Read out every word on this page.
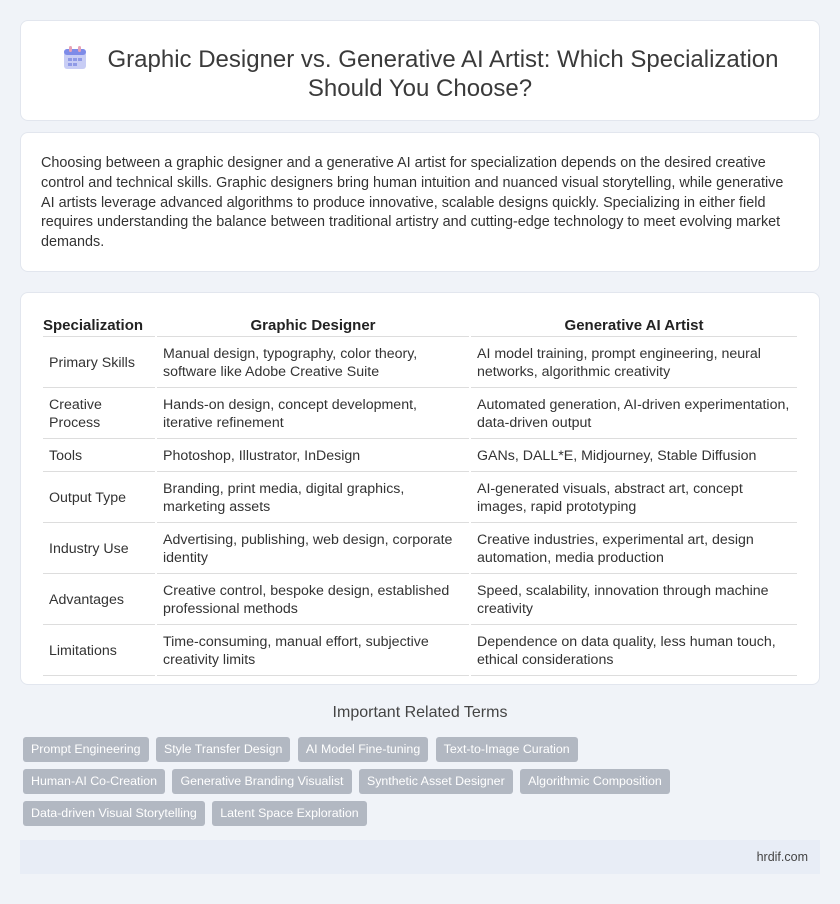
Graphic Designer vs. Generative AI Artist: Which Specialization Should You Choose?

Choosing between a graphic designer and a generative AI artist for specialization depends on the desired creative control and technical skills. Graphic designers bring human intuition and nuanced visual storytelling, while generative AI artists leverage advanced algorithms to produce innovative, scalable designs quickly. Specializing in either field requires understanding the balance between traditional artistry and cutting-edge technology to meet evolving market demands.

Specialization	Graphic Designer	Generative AI Artist
Primary Skills	Manual design, typography, color theory, software like Adobe Creative Suite	AI model training, prompt engineering, neural networks, algorithmic creativity
Creative Process	Hands-on design, concept development, iterative refinement	Automated generation, AI-driven experimentation, data-driven output
Tools	Photoshop, Illustrator, InDesign	GANs, DALL*E, Midjourney, Stable Diffusion
Output Type	Branding, print media, digital graphics, marketing assets	AI-generated visuals, abstract art, concept images, rapid prototyping
Industry Use	Advertising, publishing, web design, corporate identity	Creative industries, experimental art, design automation, media production
Advantages	Creative control, bespoke design, established professional methods	Speed, scalability, innovation through machine creativity
Limitations	Time-consuming, manual effort, subjective creativity limits	Dependence on data quality, less human touch, ethical considerations
Important Related Terms
Prompt Engineering Style Transfer Design AI Model Fine-tuning Text-to-Image Curation Human-AI Co-Creation Generative Branding Visualist Synthetic Asset Designer Algorithmic Composition Data-driven Visual Storytelling Latent Space Exploration
hrdif.com
